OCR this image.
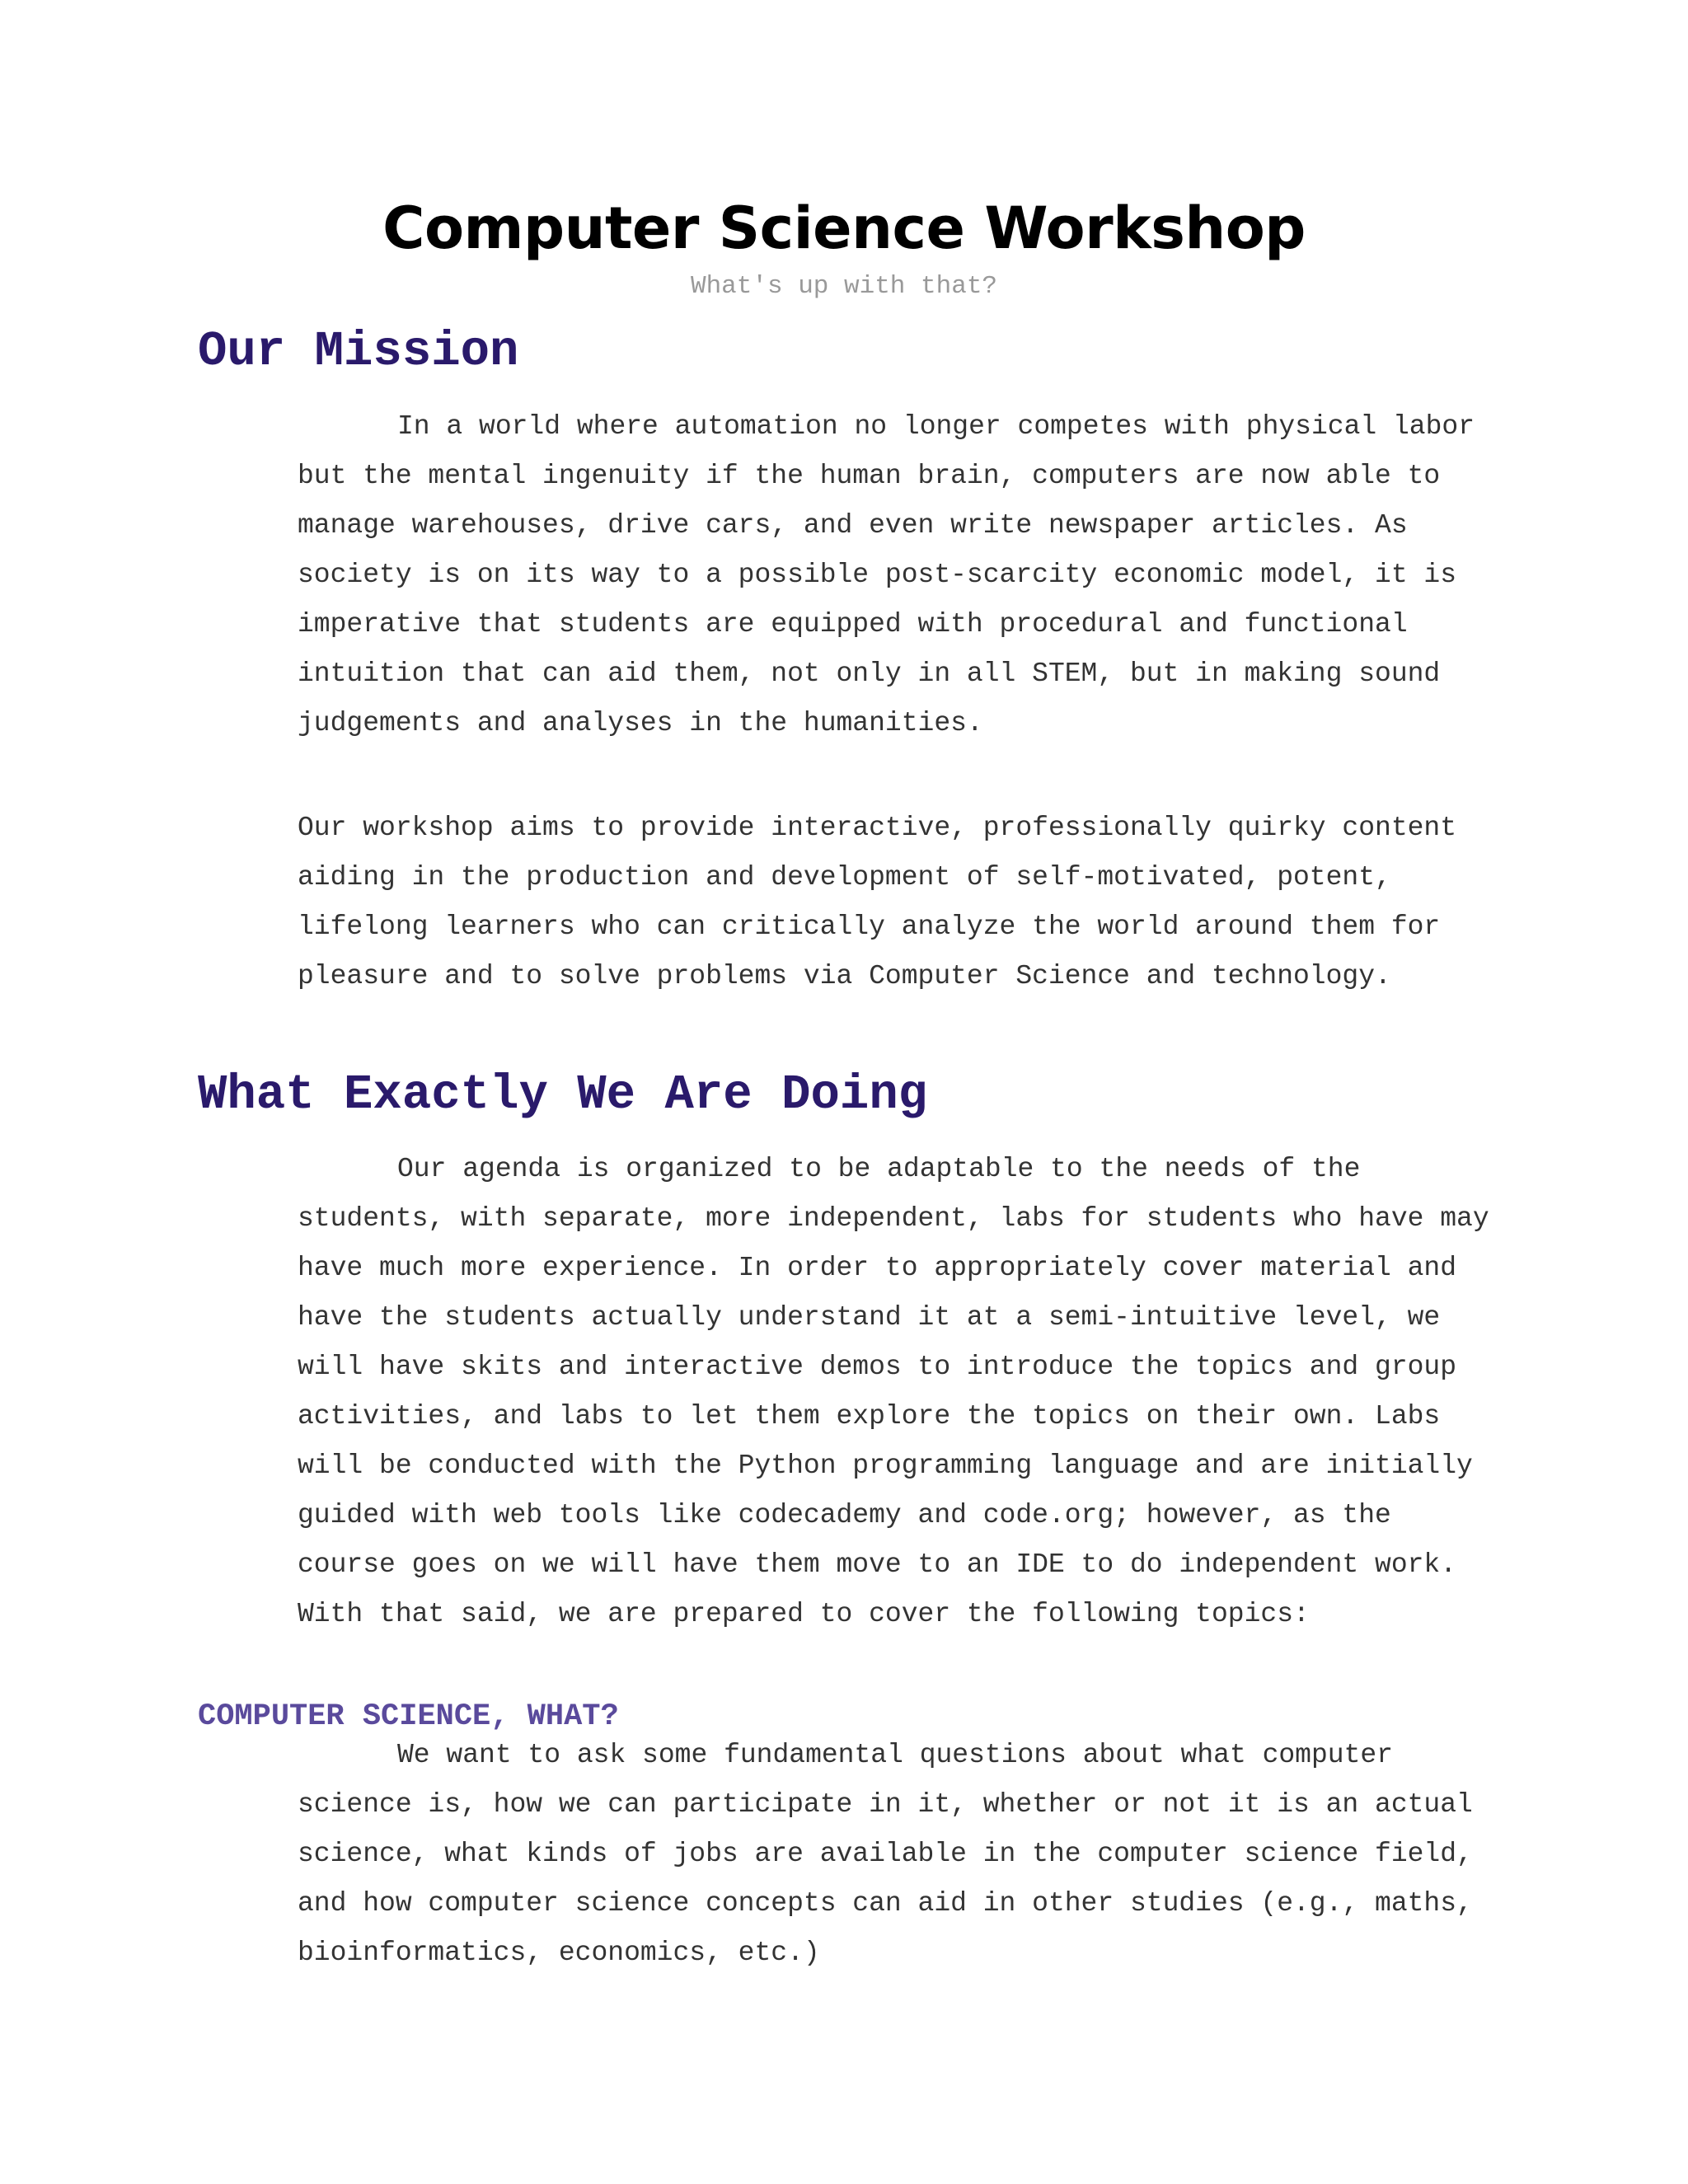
Computer Science Workshop
What's up with that?
Our Mission
In a world where automation no longer competes with physical labor
but the mental ingenuity if the human brain, computers are now able to
manage warehouses, drive cars, and even write newspaper articles. As
society is on its way to a possible post-scarcity economic model, it is
imperative that students are equipped with procedural and functional
intuition that can aid them, not only in all STEM, but in making sound
judgements and analyses in the humanities.
Our workshop aims to provide interactive, professionally quirky content
aiding in the production and development of self-motivated, potent,
lifelong learners who can critically analyze the world around them for
pleasure and to solve problems via Computer Science and technology.
What Exactly We Are Doing
Our agenda is organized to be adaptable to the needs of the
students, with separate, more independent, labs for students who have may
have much more experience. In order to appropriately cover material and
have the students actually understand it at a semi-intuitive level, we
will have skits and interactive demos to introduce the topics and group
activities, and labs to let them explore the topics on their own. Labs
will be conducted with the Python programming language and are initially
guided with web tools like codecademy and code.org; however, as the
course goes on we will have them move to an IDE to do independent work.
With that said, we are prepared to cover the following topics:
COMPUTER SCIENCE, WHAT?
We want to ask some fundamental questions about what computer
science is, how we can participate in it, whether or not it is an actual
science, what kinds of jobs are available in the computer science field,
and how computer science concepts can aid in other studies (e.g., maths,
bioinformatics, economics, etc.)
